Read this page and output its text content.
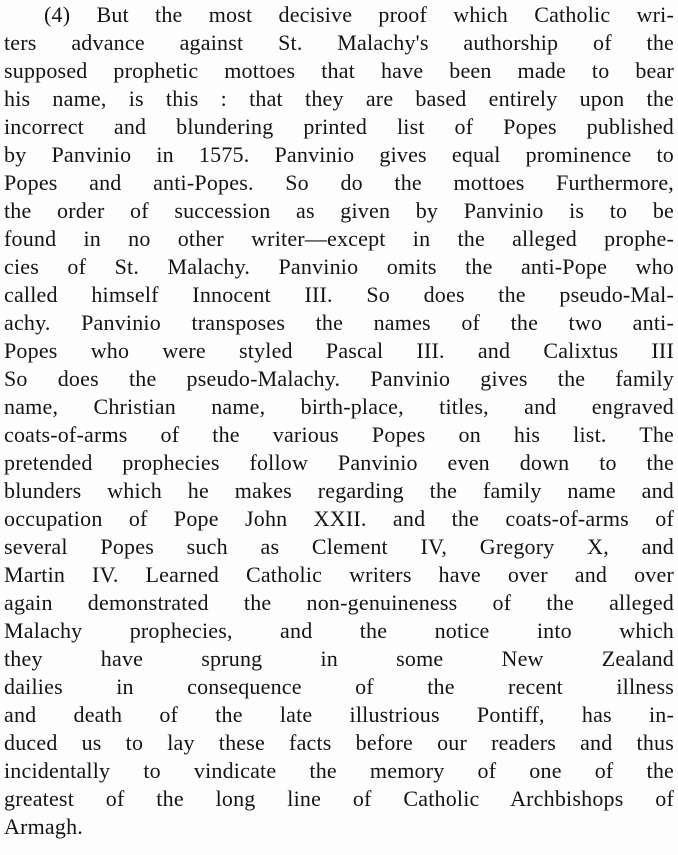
(4) But the most decisive proof which Catholic wri-
ters advance against St. Malachy's authorship of the
supposed prophetic mottoes that have been made to bear
his name, is this : that they are based entirely upon the
incorrect and blundering printed list of Popes published
by Panvinio in 1575. Panvinio gives equal prominence to
Popes and anti-Popes. So do the mottoes Furthermore,
the order of succession as given by Panvinio is to be
found in no other writer—except in the alleged prophe-
cies of St. Malachy. Panvinio omits the anti-Pope who
called himself Innocent III. So does the pseudo-Mal-
achy. Panvinio transposes the names of the two anti-
Popes who were styled Pascal III. and Calixtus III
So does the pseudo-Malachy. Panvinio gives the family
name, Christian name, birth-place, titles, and engraved
coats-of-arms of the various Popes on his list. The
pretended prophecies follow Panvinio even down to the
blunders which he makes regarding the family name and
occupation of Pope John XXII. and the coats-of-arms of
several Popes such as Clement IV, Gregory X, and
Martin IV. Learned Catholic writers have over and over
again demonstrated the non-genuineness of the alleged
Malachy prophecies, and the notice into which
they have sprung in some New Zealand
dailies in consequence of the recent illness
and death of the late illustrious Pontiff, has in-
duced us to lay these facts before our readers and thus
incidentally to vindicate the memory of one of the
greatest of the long line of Catholic Archbishops of
Armagh.
